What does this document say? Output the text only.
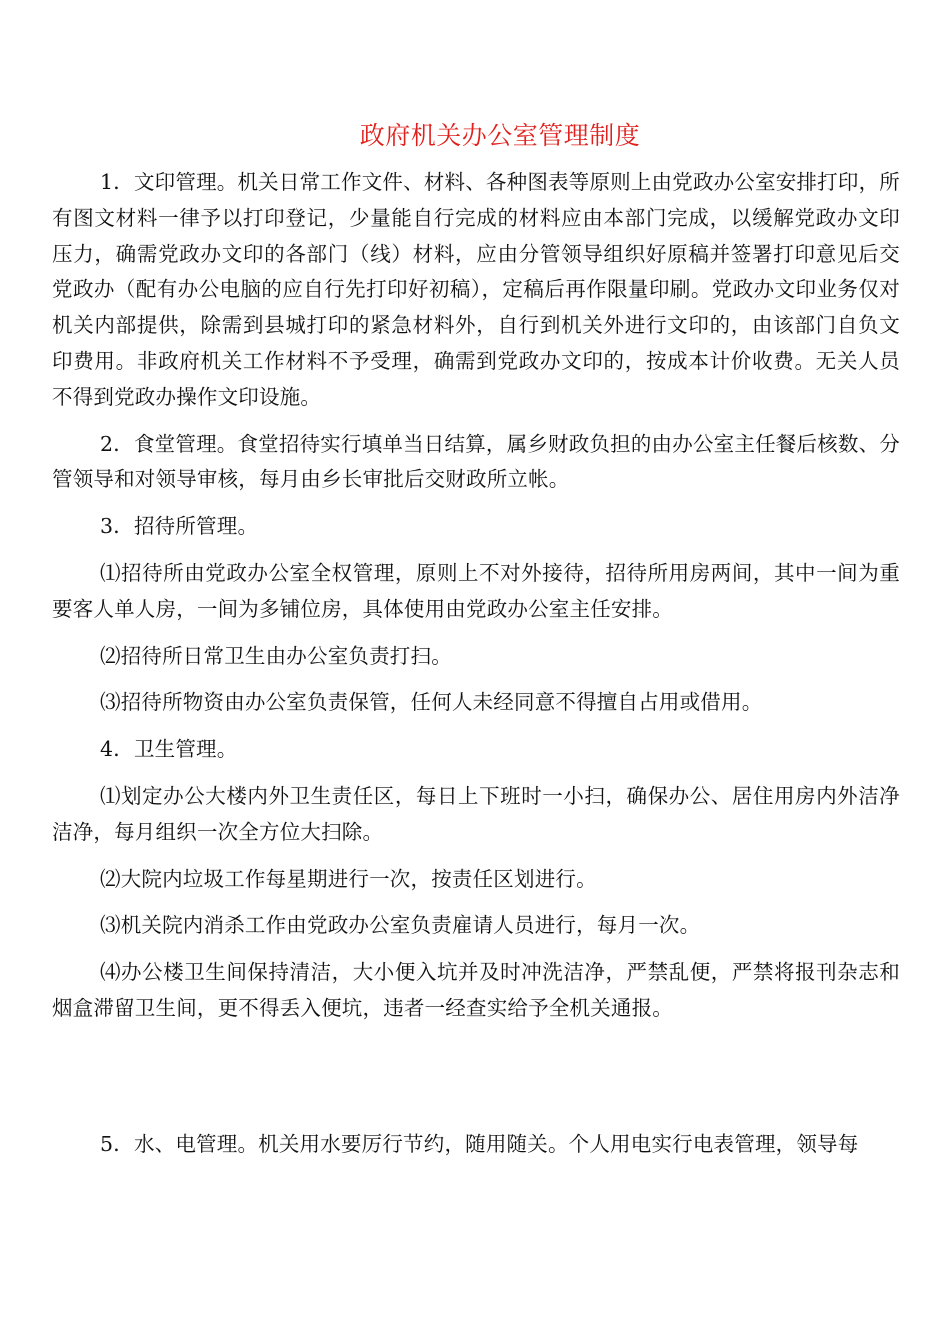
政府机关办公室管理制度

1．文印管理。机关日常工作文件、材料、各种图表等原则上由党政办公室安排打印，所有图文材料一律予以打印登记，少量能自行完成的材料应由本部门完成，以缓解党政办文印压力，确需党政办文印的各部门（线）材料，应由分管领导组织好原稿并签署打印意见后交党政办（配有办公电脑的应自行先打印好初稿），定稿后再作限量印刷。党政办文印业务仅对机关内部提供，除需到县城打印的紧急材料外，自行到机关外进行文印的，由该部门自负文印费用。非政府机关工作材料不予受理，确需到党政办文印的，按成本计价收费。无关人员不得到党政办操作文印设施。

2．食堂管理。食堂招待实行填单当日结算，属乡财政负担的由办公室主任餐后核数、分管领导和对领导审核，每月由乡长审批后交财政所立帐。

3．招待所管理。

⑴招待所由党政办公室全权管理，原则上不对外接待，招待所用房两间，其中一间为重要客人单人房，一间为多铺位房，具体使用由党政办公室主任安排。

⑵招待所日常卫生由办公室负责打扫。

⑶招待所物资由办公室负责保管，任何人未经同意不得擅自占用或借用。

4．卫生管理。

⑴划定办公大楼内外卫生责任区，每日上下班时一小扫，确保办公、居住用房内外洁净洁净，每月组织一次全方位大扫除。

⑵大院内垃圾工作每星期进行一次，按责任区划进行。

⑶机关院内消杀工作由党政办公室负责雇请人员进行，每月一次。

⑷办公楼卫生间保持清洁，大小便入坑并及时冲洗洁净，严禁乱便，严禁将报刊杂志和烟盒滞留卫生间，更不得丢入便坑，违者一经查实给予全机关通报。

5．水、电管理。机关用水要厉行节约，随用随关。个人用电实行电表管理，领导每
